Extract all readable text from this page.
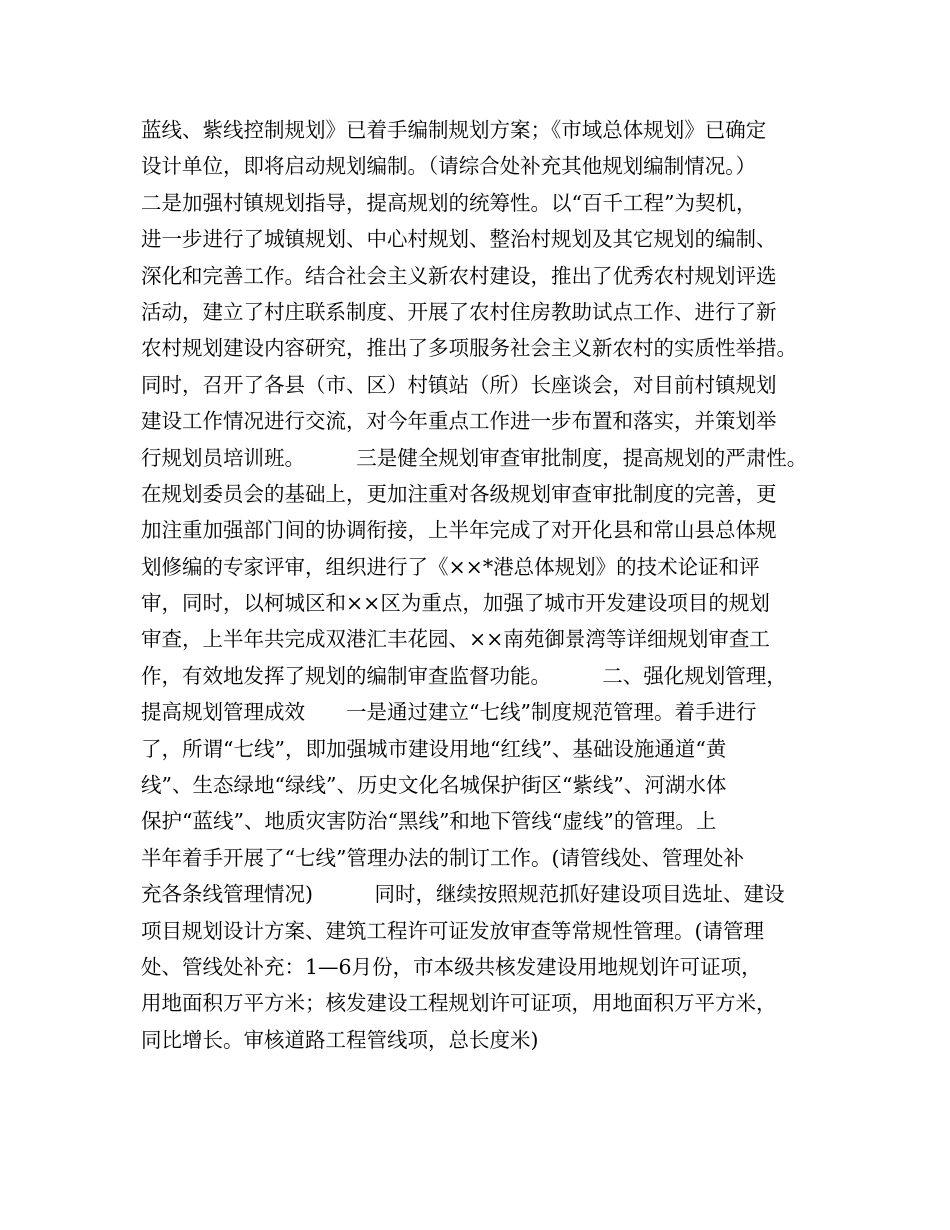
蓝线、紫线控制规划》已着手编制规划方案；《市域总体规划》已确定
设计单位，即将启动规划编制。（请综合处补充其他规划编制情况。）
二是加强村镇规划指导，提高规划的统筹性。以“百千工程”为契机，
进一步进行了城镇规划、中心村规划、整治村规划及其它规划的编制、
深化和完善工作。结合社会主义新农村建设，推出了优秀农村规划评选
活动，建立了村庄联系制度、开展了农村住房教助试点工作、进行了新
农村规划建设内容研究，推出了多项服务社会主义新农村的实质性举措。
同时，召开了各县（市、区）村镇站（所）长座谈会，对目前村镇规划
建设工作情况进行交流，对今年重点工作进一步布置和落实，并策划举
行规划员培训班。　　　三是健全规划审查审批制度，提高规划的严肃性。
在规划委员会的基础上，更加注重对各级规划审查审批制度的完善，更
加注重加强部门间的协调衔接，上半年完成了对开化县和常山县总体规
划修编的专家评审，组织进行了《××*港总体规划》的技术论证和评
审，同时，以柯城区和××区为重点，加强了城市开发建设项目的规划
审查，上半年共完成双港汇丰花园、××南苑御景湾等详细规划审查工
作，有效地发挥了规划的编制审查监督功能。　　　二、强化规划管理，
提高规划管理成效　　一是通过建立“七线”制度规范管理。着手进行
了，所谓“七线”，即加强城市建设用地“红线”、基础设施通道“黄
线”、生态绿地“绿线”、历史文化名城保护街区“紫线”、河湖水体
保护“蓝线”、地质灾害防治“黑线”和地下管线“虚线”的管理。上
半年着手开展了“七线”管理办法的制订工作。(请管线处、管理处补
充各条线管理情况)　　　同时，继续按照规范抓好建设项目选址、建设
项目规划设计方案、建筑工程许可证发放审查等常规性管理。(请管理
处、管线处补充：1—6月份，市本级共核发建设用地规划许可证项，
用地面积万平方米；核发建设工程规划许可证项，用地面积万平方米，
同比增长。审核道路工程管线项，总长度米)
